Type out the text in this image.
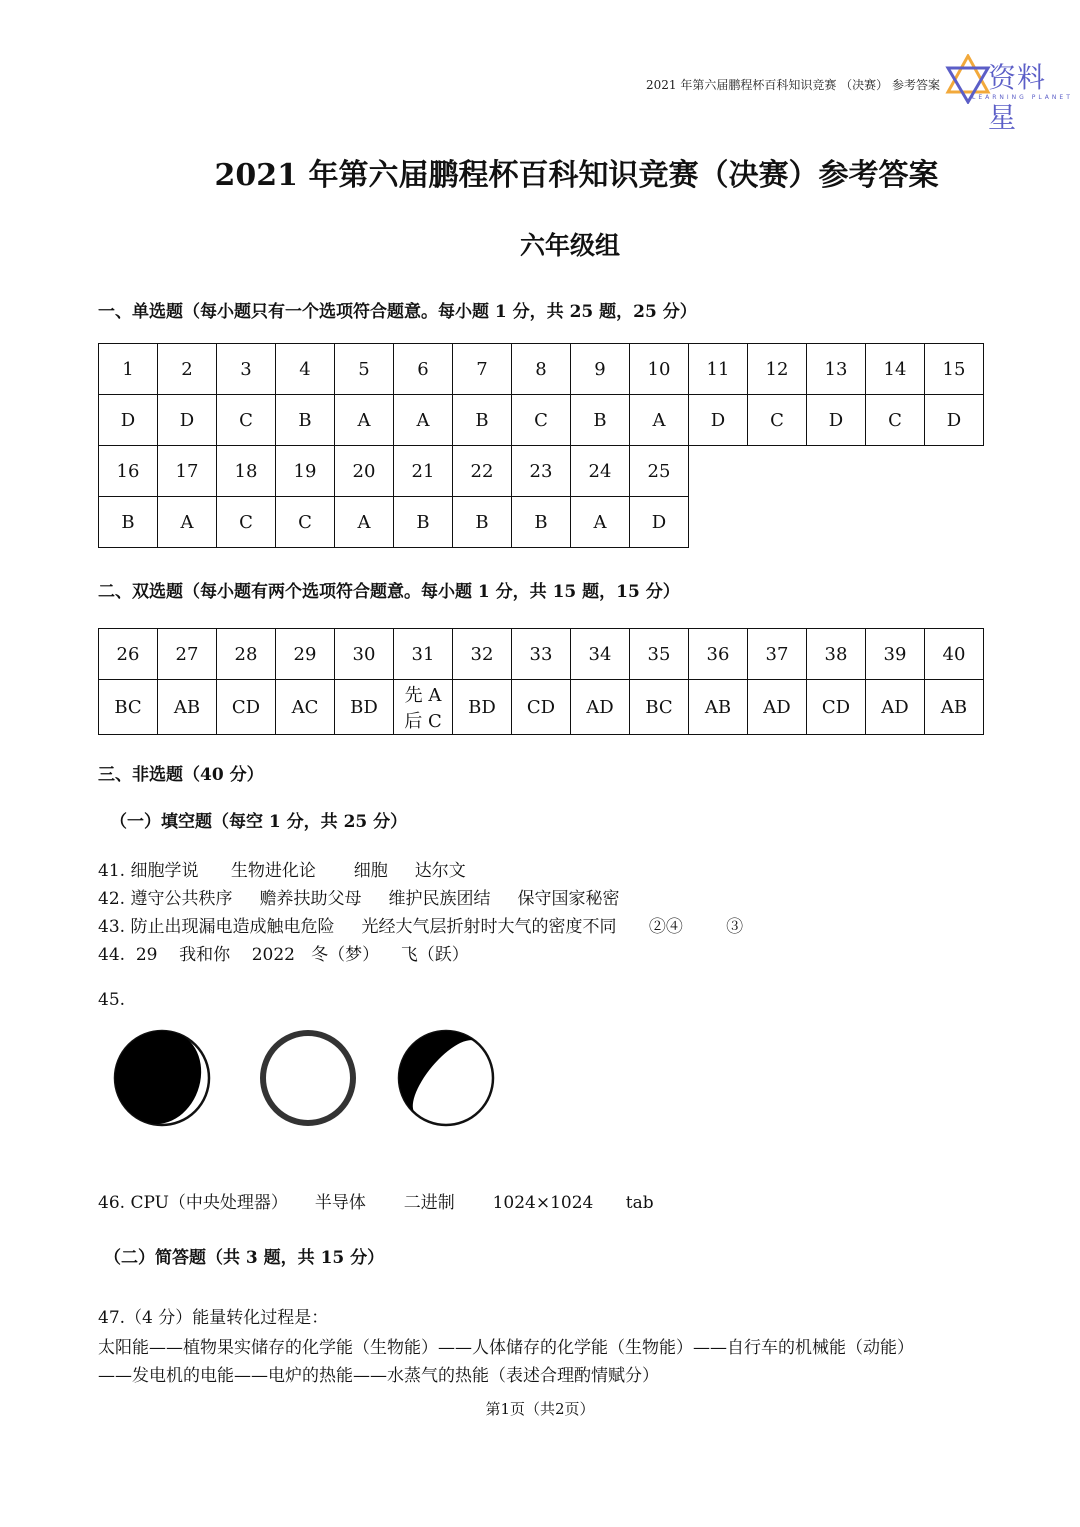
2021 年第六届鹏程杯百科知识竞赛 （决赛） 参考答案 资料星
LEARNING PLANET
2021 年第六届鹏程杯百科知识竞赛（决赛）参考答案
六年级组
一、单选题（每小题只有一个选项符合题意。每小题 1 分，共 25 题，25 分）
1	2	3	4	5	6	7	8	9	10	11	12	13	14	15
D	D	C	B	A	A	B	C	B	A	D	C	D	C	D
16	17	18	19	20	21	22	23	24	25					
B	A	C	C	A	B	B	B	A	D					
二、双选题（每小题有两个选项符合题意。每小题 1 分，共 15 题，15 分）
26	27	28	29	30	31	32	33	34	35	36	37	38	39	40
BC	AB	CD	AC	BD	先 A
后 C	BD	CD	AD	BC	AB	AD	CD	AD	AB
三、非选题（40 分）
（一）填空题（每空 1 分，共 25 分）
41. 细胞学说      生物进化论       细胞     达尔文
42. 遵守公共秩序     赡养扶助父母     维护民族团结     保守国家秘密
43. 防止出现漏电造成触电危险     光经大气层折射时大气的密度不同      ②④        ③
44.  29    我和你    2022   冬（梦）    飞（跃）
45.
46. CPU（中央处理器）     半导体       二进制       1024×1024      tab
（二）简答题（共 3 题，共 15 分）
47.（4 分）能量转化过程是：
太阳能——植物果实储存的化学能（生物能）——人体储存的化学能（生物能）——自行车的机械能（动能）
——发电机的电能——电炉的热能——水蒸气的热能（表述合理酌情赋分）
第1页（共2页）
